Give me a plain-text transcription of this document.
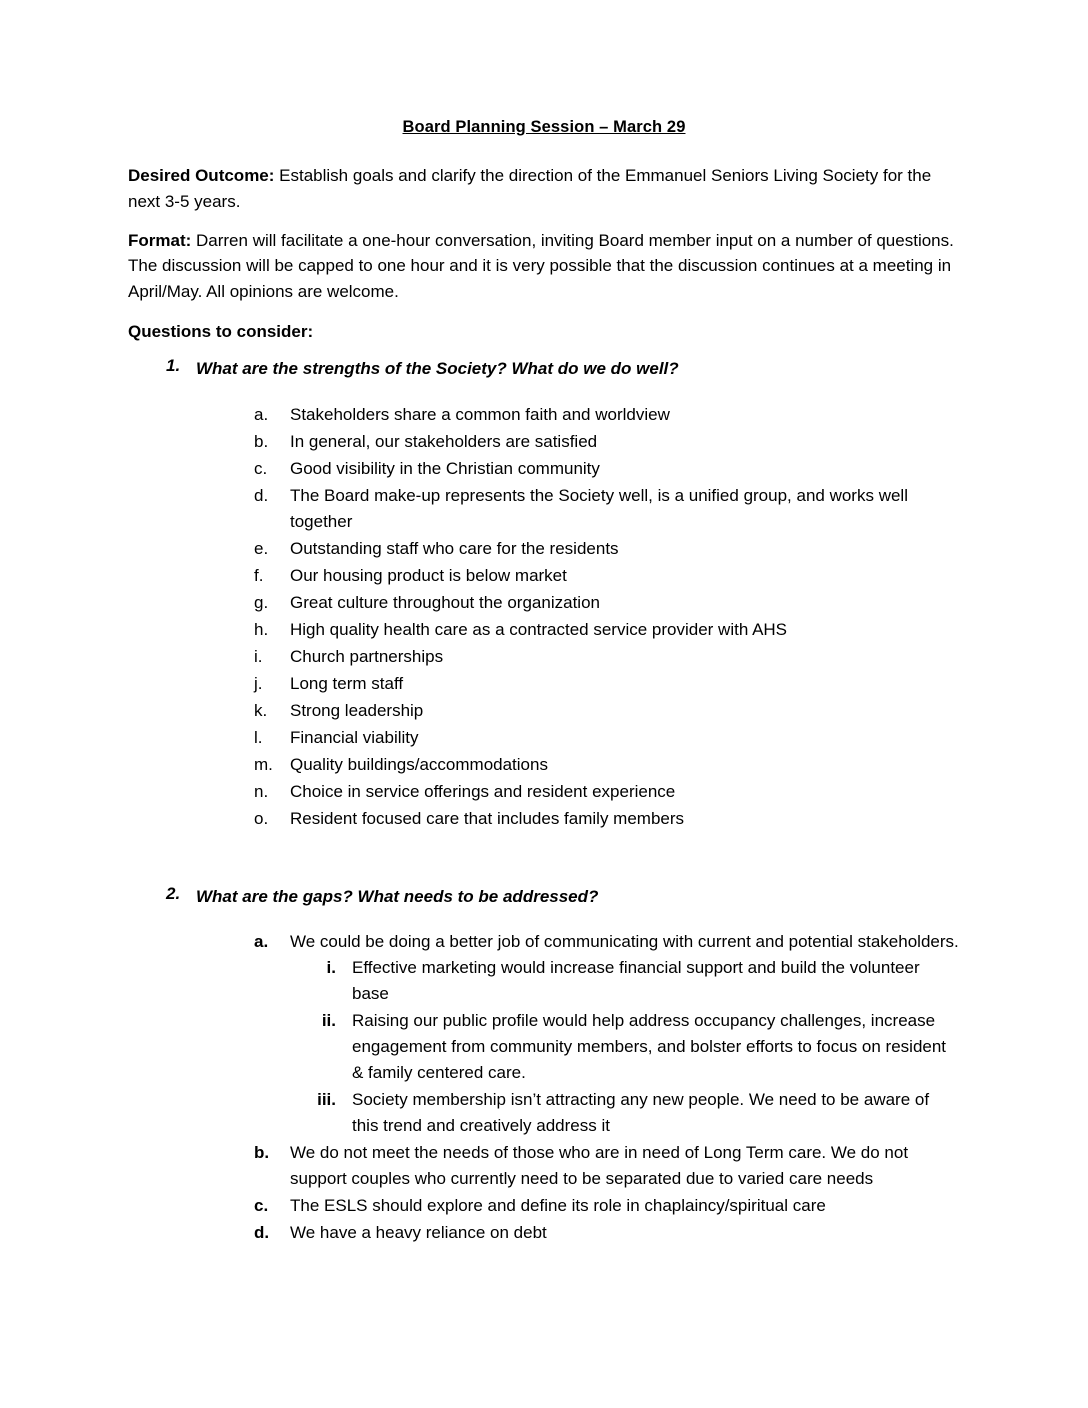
Board Planning Session – March 29

Desired Outcome: Establish goals and clarify the direction of the Emmanuel Seniors Living Society for the next 3-5 years.

Format: Darren will facilitate a one-hour conversation, inviting Board member input on a number of questions. The discussion will be capped to one hour and it is very possible that the discussion continues at a meeting in April/May. All opinions are welcome.

Questions to consider:
1. What are the strengths of the Society? What do we do well?
a. Stakeholders share a common faith and worldview
b. In general, our stakeholders are satisfied
c. Good visibility in the Christian community
d. The Board make-up represents the Society well, is a unified group, and works well together
e. Outstanding staff who care for the residents
f. Our housing product is below market
g. Great culture throughout the organization
h. High quality health care as a contracted service provider with AHS
i. Church partnerships
j. Long term staff
k. Strong leadership
l. Financial viability
m. Quality buildings/accommodations
n. Choice in service offerings and resident experience
o. Resident focused care that includes family members
2. What are the gaps? What needs to be addressed?
a. We could be doing a better job of communicating with current and potential stakeholders.
i. Effective marketing would increase financial support and build the volunteer base
ii. Raising our public profile would help address occupancy challenges, increase engagement from community members, and bolster efforts to focus on resident & family centered care.
iii. Society membership isn’t attracting any new people. We need to be aware of this trend and creatively address it
b. We do not meet the needs of those who are in need of Long Term care. We do not support couples who currently need to be separated due to varied care needs
c. The ESLS should explore and define its role in chaplaincy/spiritual care
d. We have a heavy reliance on debt
